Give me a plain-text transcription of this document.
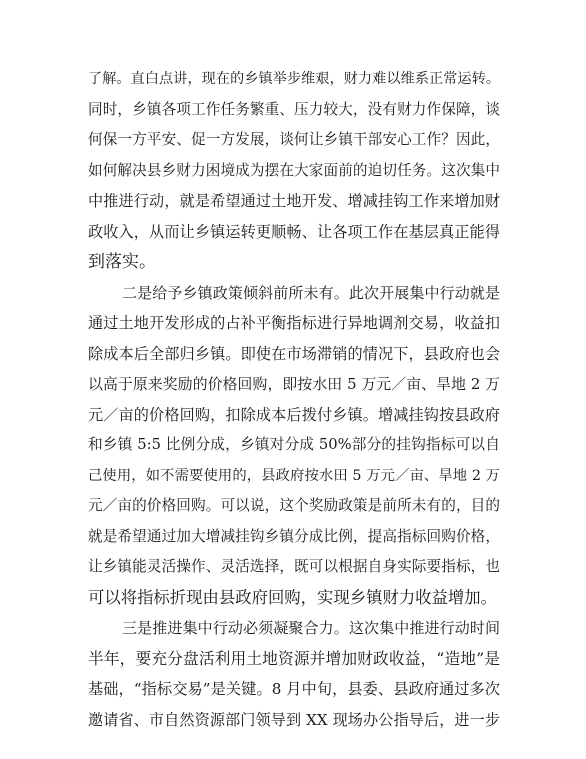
了解。直白点讲，现在的乡镇举步维艰，财力难以维系正常运转。
同时，乡镇各项工作任务繁重、压力较大，没有财力作保障，谈
何保一方平安、促一方发展，谈何让乡镇干部安心工作？因此，
如何解决县乡财力困境成为摆在大家面前的迫切任务。这次集中
中推进行动，就是希望通过土地开发、增减挂钩工作来增加财
政收入，从而让乡镇运转更顺畅、让各项工作在基层真正能得
到落实。
二是给予乡镇政策倾斜前所未有。此次开展集中行动就是
通过土地开发形成的占补平衡指标进行异地调剂交易，收益扣
除成本后全部归乡镇。即使在市场滞销的情况下，县政府也会
以高于原来奖励的价格回购，即按水田 5 万元／亩、旱地 2 万
元／亩的价格回购，扣除成本后拨付乡镇。增减挂钩按县政府
和乡镇 5:5 比例分成，乡镇对分成 50%部分的挂钩指标可以自
己使用，如不需要使用的，县政府按水田 5 万元／亩、旱地 2 万
元／亩的价格回购。可以说，这个奖励政策是前所未有的，目的
就是希望通过加大增减挂钩乡镇分成比例，提高指标回购价格，
让乡镇能灵活操作、灵活选择，既可以根据自身实际要指标，也
可以将指标折现由县政府回购，实现乡镇财力收益增加。
三是推进集中行动必须凝聚合力。这次集中推进行动时间
半年，要充分盘活利用土地资源并增加财政收益，“造地”是
基础，“指标交易”是关键。8 月中旬，县委、县政府通过多次
邀请省、市自然资源部门领导到 XX 现场办公指导后，进一步
